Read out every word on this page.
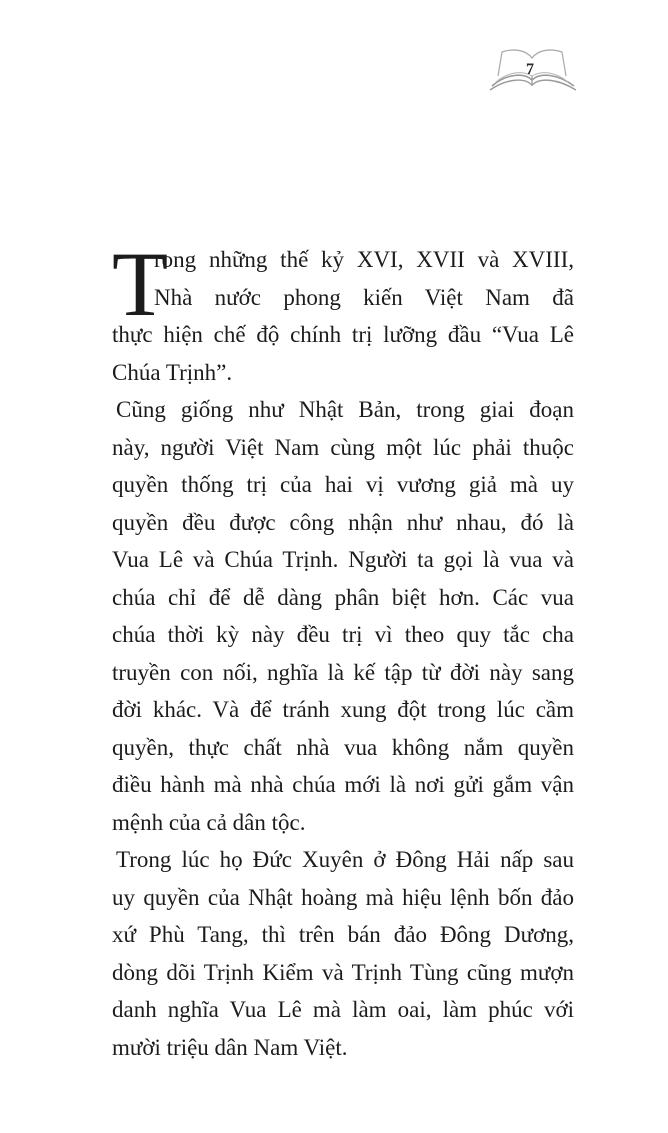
7
T
rong những thế kỷ XVI, XVII và XVIII,
Nhà nước phong kiến Việt Nam đã
thực hiện chế độ chính trị lưỡng đầu “Vua Lê
Chúa Trịnh”.
Cũng giống như Nhật Bản, trong giai đoạn
này, người Việt Nam cùng một lúc phải thuộc
quyền thống trị của hai vị vương giả mà uy
quyền đều được công nhận như nhau, đó là
Vua Lê và Chúa Trịnh. Người ta gọi là vua và
chúa chỉ để dễ dàng phân biệt hơn. Các vua
chúa thời kỳ này đều trị vì theo quy tắc cha
truyền con nối, nghĩa là kế tập từ đời này sang
đời khác. Và để tránh xung đột trong lúc cầm
quyền, thực chất nhà vua không nắm quyền
điều hành mà nhà chúa mới là nơi gửi gắm vận
mệnh của cả dân tộc.
Trong lúc họ Đức Xuyên ở Đông Hải nấp sau
uy quyền của Nhật hoàng mà hiệu lệnh bốn đảo
xứ Phù Tang, thì trên bán đảo Đông Dương,
dòng dõi Trịnh Kiểm và Trịnh Tùng cũng mượn
danh nghĩa Vua Lê mà làm oai, làm phúc với
mười triệu dân Nam Việt.
